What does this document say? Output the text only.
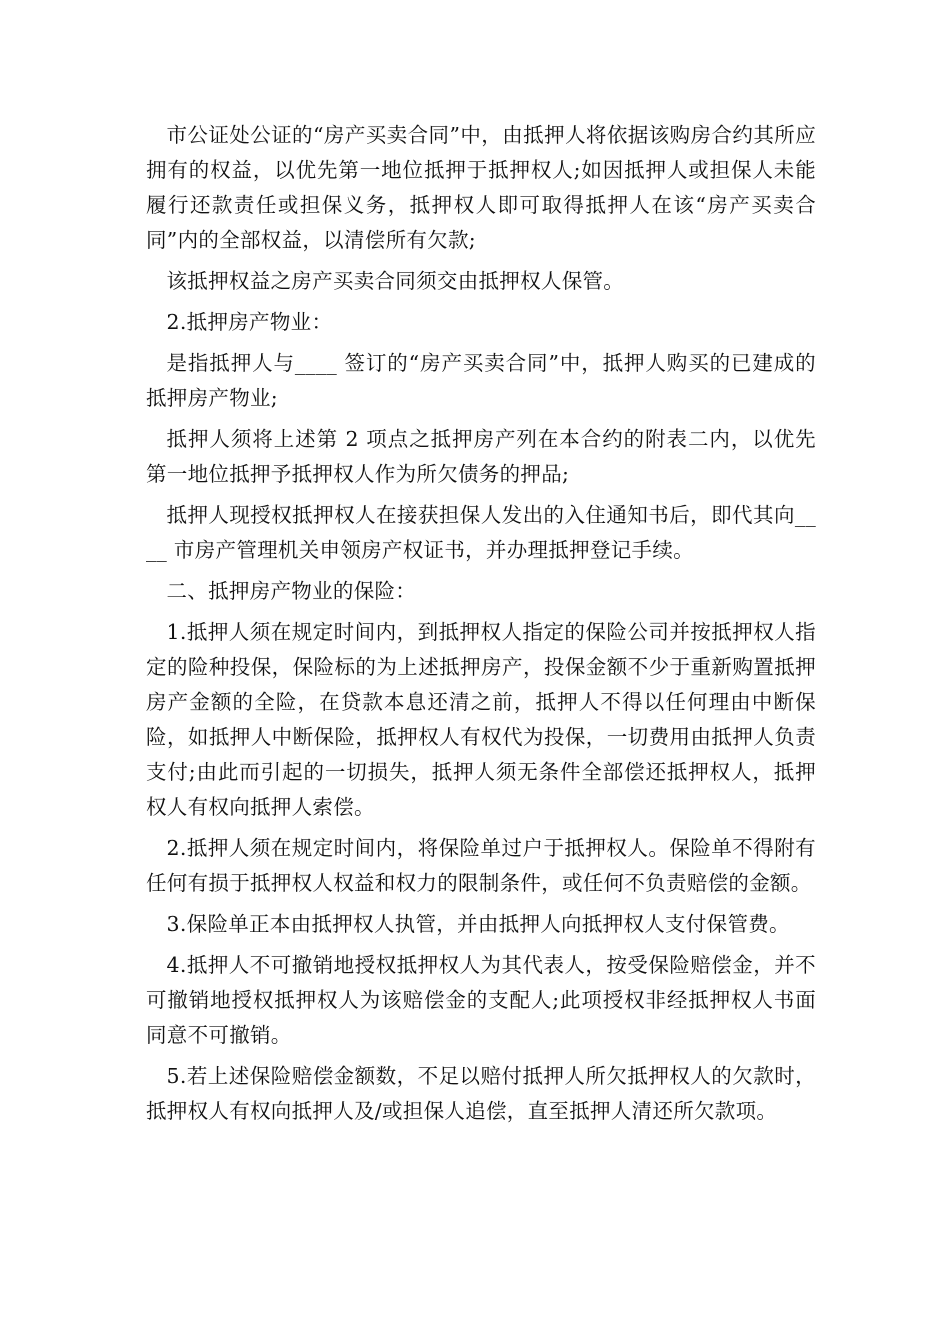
市公证处公证的“房产买卖合同”中，由抵押人将依据该购房合约其所应拥有的权益，以优先第一地位抵押于抵押权人;如因抵押人或担保人未能履行还款责任或担保义务，抵押权人即可取得抵押人在该“房产买卖合同”内的全部权益，以清偿所有欠款;

该抵押权益之房产买卖合同须交由抵押权人保管。

2.抵押房产物业：

是指抵押人与____ 签订的“房产买卖合同”中，抵押人购买的已建成的抵押房产物业;

抵押人须将上述第 2 项点之抵押房产列在本合约的附表二内，以优先第一地位抵押予抵押权人作为所欠债务的押品;

抵押人现授权抵押权人在接获担保人发出的入住通知书后，即代其向____ 市房产管理机关申领房产权证书，并办理抵押登记手续。

二、抵押房产物业的保险：

1.抵押人须在规定时间内，到抵押权人指定的保险公司并按抵押权人指定的险种投保，保险标的为上述抵押房产，投保金额不少于重新购置抵押房产金额的全险，在贷款本息还清之前，抵押人不得以任何理由中断保险，如抵押人中断保险，抵押权人有权代为投保，一切费用由抵押人负责支付;由此而引起的一切损失，抵押人须无条件全部偿还抵押权人，抵押权人有权向抵押人索偿。

2.抵押人须在规定时间内，将保险单过户于抵押权人。保险单不得附有任何有损于抵押权人权益和权力的限制条件，或任何不负责赔偿的金额。

3.保险单正本由抵押权人执管，并由抵押人向抵押权人支付保管费。

4.抵押人不可撤销地授权抵押权人为其代表人，按受保险赔偿金，并不可撤销地授权抵押权人为该赔偿金的支配人;此项授权非经抵押权人书面同意不可撤销。

5.若上述保险赔偿金额数，不足以赔付抵押人所欠抵押权人的欠款时，抵押权人有权向抵押人及/或担保人追偿，直至抵押人清还所欠款项。
